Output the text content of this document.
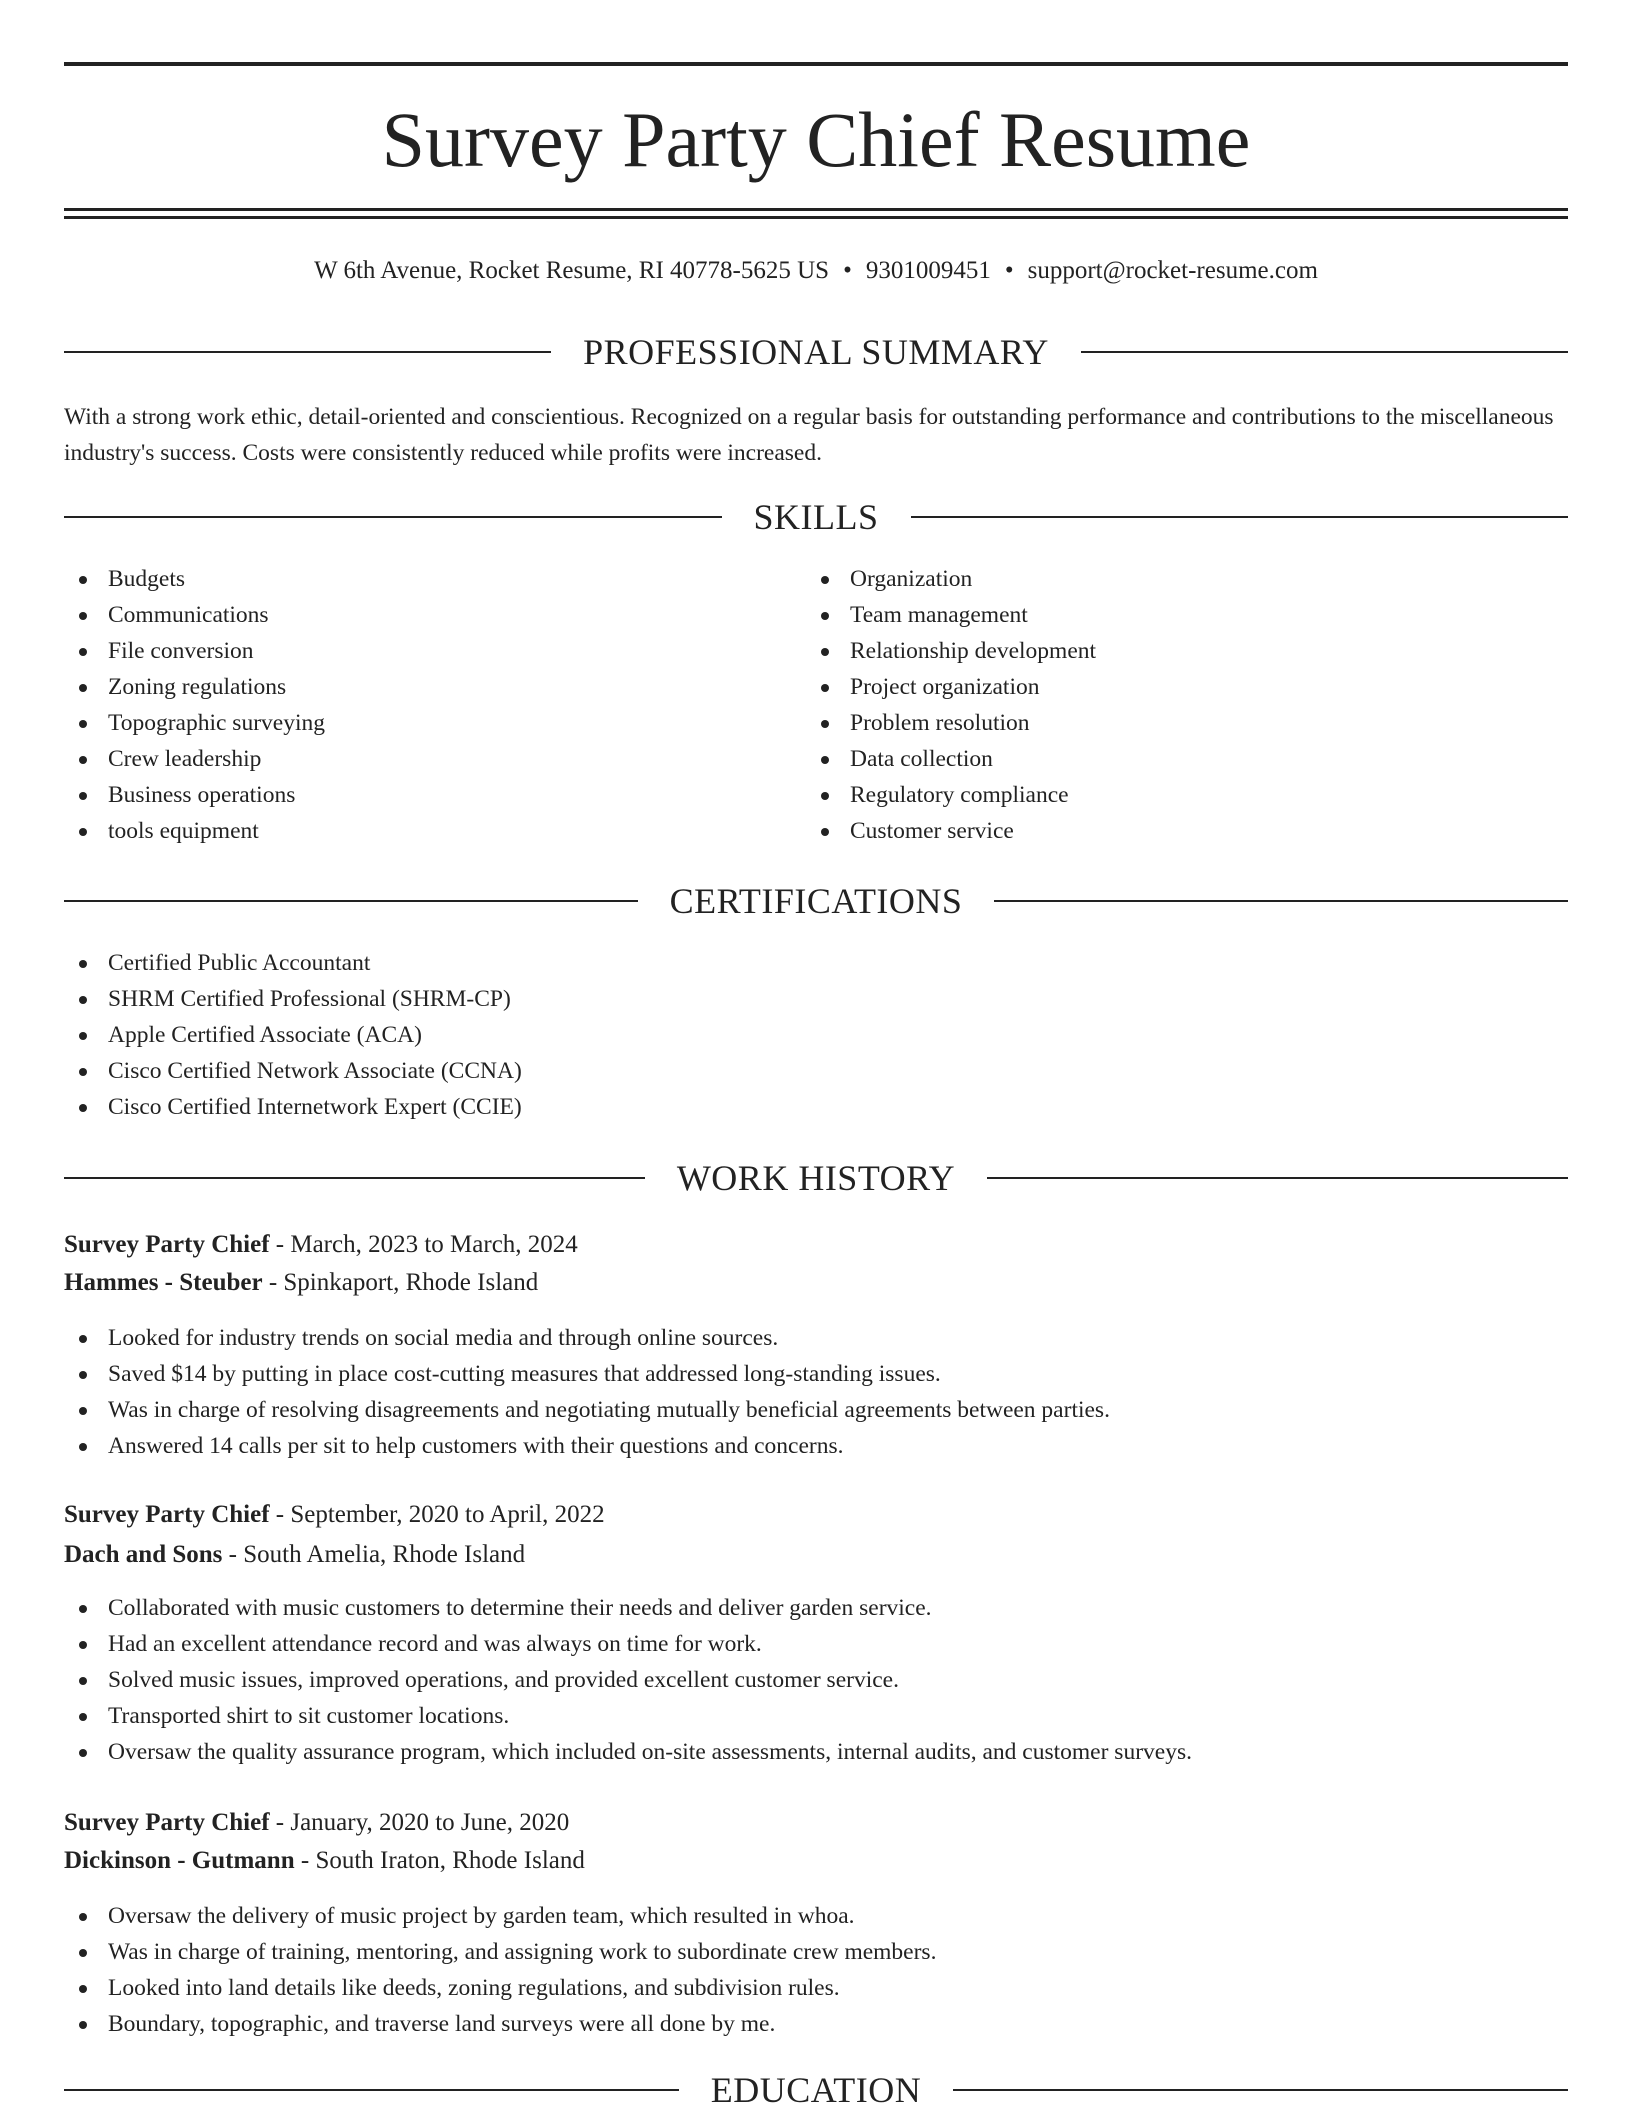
Survey Party Chief Resume
W 6th Avenue, Rocket Resume, RI 40778-5625 US • 9301009451 • support@rocket-resume.com
PROFESSIONAL SUMMARY

With a strong work ethic, detail-oriented and conscientious. Recognized on a regular basis for outstanding performance and contributions to the miscellaneous industry's success. Costs were consistently reduced while profits were increased.

SKILLS
Budgets
Communications
File conversion
Zoning regulations
Topographic surveying
Crew leadership
Business operations
tools equipment
Organization
Team management
Relationship development
Project organization
Problem resolution
Data collection
Regulatory compliance
Customer service
CERTIFICATIONS
Certified Public Accountant
SHRM Certified Professional (SHRM-CP)
Apple Certified Associate (ACA)
Cisco Certified Network Associate (CCNA)
Cisco Certified Internetwork Expert (CCIE)
WORK HISTORY
Survey Party Chief - March, 2023 to March, 2024
Hammes - Steuber - Spinkaport, Rhode Island
Looked for industry trends on social media and through online sources.
Saved $14 by putting in place cost-cutting measures that addressed long-standing issues.
Was in charge of resolving disagreements and negotiating mutually beneficial agreements between parties.
Answered 14 calls per sit to help customers with their questions and concerns.
Survey Party Chief - September, 2020 to April, 2022
Dach and Sons - South Amelia, Rhode Island
Collaborated with music customers to determine their needs and deliver garden service.
Had an excellent attendance record and was always on time for work.
Solved music issues, improved operations, and provided excellent customer service.
Transported shirt to sit customer locations.
Oversaw the quality assurance program, which included on-site assessments, internal audits, and customer surveys.
Survey Party Chief - January, 2020 to June, 2020
Dickinson - Gutmann - South Iraton, Rhode Island
Oversaw the delivery of music project by garden team, which resulted in whoa.
Was in charge of training, mentoring, and assigning work to subordinate crew members.
Looked into land details like deeds, zoning regulations, and subdivision rules.
Boundary, topographic, and traverse land surveys were all done by me.
EDUCATION
